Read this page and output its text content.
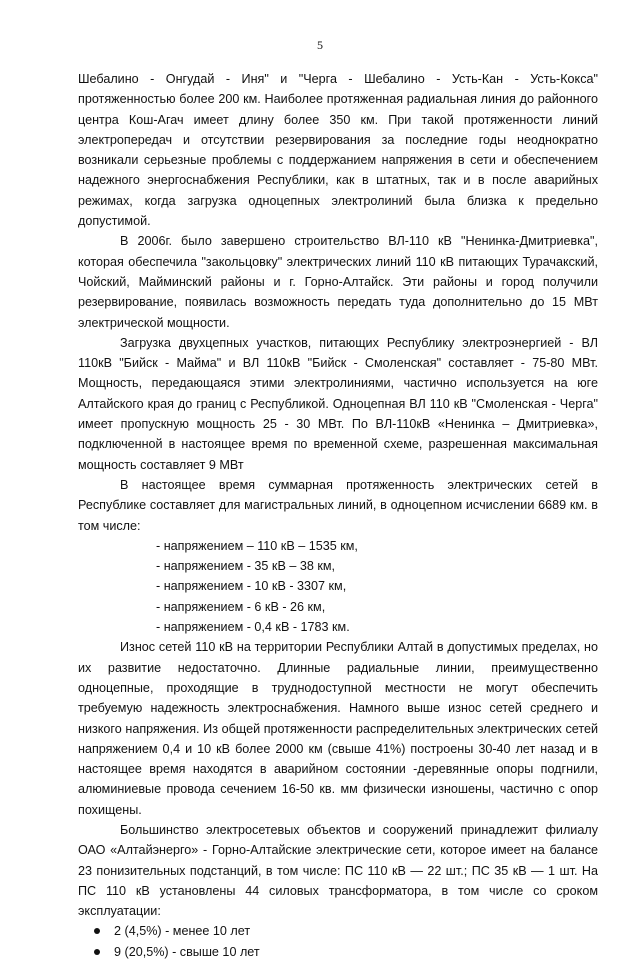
5

Шебалино - Онгудай - Иня" и "Черга - Шебалино - Усть-Кан - Усть-Кокса" протяженностью более 200 км. Наиболее протяженная радиальная линия до районного центра Кош-Агач имеет длину более 350 км. При такой протяженности линий электропередач и отсутствии резервирования за последние годы неоднократно возникали серьезные проблемы с поддержанием напряжения в сети и обеспечением надежного энергоснабжения Республики, как в штатных, так и в после аварийных режимах, когда загрузка одноцепных электролиний была близка к предельно допустимой.

В 2006г. было завершено строительство ВЛ-110 кВ "Ненинка-Дмитриевка", которая обеспечила "закольцовку" электрических линий 110 кВ питающих Турачакский, Чойский, Майминский районы и г. Горно-Алтайск. Эти районы и город получили резервирование, появилась возможность передать туда дополнительно до 15 МВт электрической мощности.

Загрузка двухцепных участков, питающих Республику электроэнергией - ВЛ 110кВ "Бийск - Майма" и ВЛ 110кВ "Бийск - Смоленская" составляет - 75-80 МВт. Мощность, передающаяся этими электролиниями, частично используется на юге Алтайского края до границ с Республикой. Одноцепная ВЛ 110 кВ "Смоленская - Черга" имеет пропускную мощность 25 - 30 МВт. По ВЛ-110кВ «Ненинка – Дмитриевка», подключенной в настоящее время по временной схеме, разрешенная максимальная мощность составляет 9 МВт

В настоящее время суммарная протяженность электрических сетей в Республике составляет для магистральных линий, в одноцепном исчислении 6689 км. в том числе:

- напряжением – 110 кВ – 1535 км,
- напряжением - 35 кВ – 38 км,
- напряжением - 10 кВ - 3307 км,
- напряжением - 6 кВ - 26 км,
- напряжением - 0,4 кВ - 1783 км.

Износ сетей 110 кВ на территории Республики Алтай в допустимых пределах, но их развитие недостаточно. Длинные радиальные линии, преимущественно одноцепные, проходящие в труднодоступной местности не могут обеспечить требуемую надежность электроснабжения. Намного выше износ сетей среднего и низкого напряжения. Из общей протяженности распределительных электрических сетей напряжением 0,4 и 10 кВ более 2000 км (свыше 41%) построены 30-40 лет назад и в настоящее время находятся в аварийном состоянии -деревянные опоры подгнили, алюминиевые провода сечением 16-50 кв. мм физически изношены, частично с опор похищены.

Большинство электросетевых объектов и сооружений принадлежит филиалу ОАО «Алтайэнерго» - Горно-Алтайские электрические сети, которое имеет на балансе 23 понизительных подстанций, в том числе: ПС 110 кВ — 22 шт.; ПС 35 кВ — 1 шт. На ПС 110 кВ установлены 44 силовых трансформатора, в том числе со сроком эксплуатации:

2 (4,5%) - менее 10 лет
9 (20,5%) - свыше 10 лет
